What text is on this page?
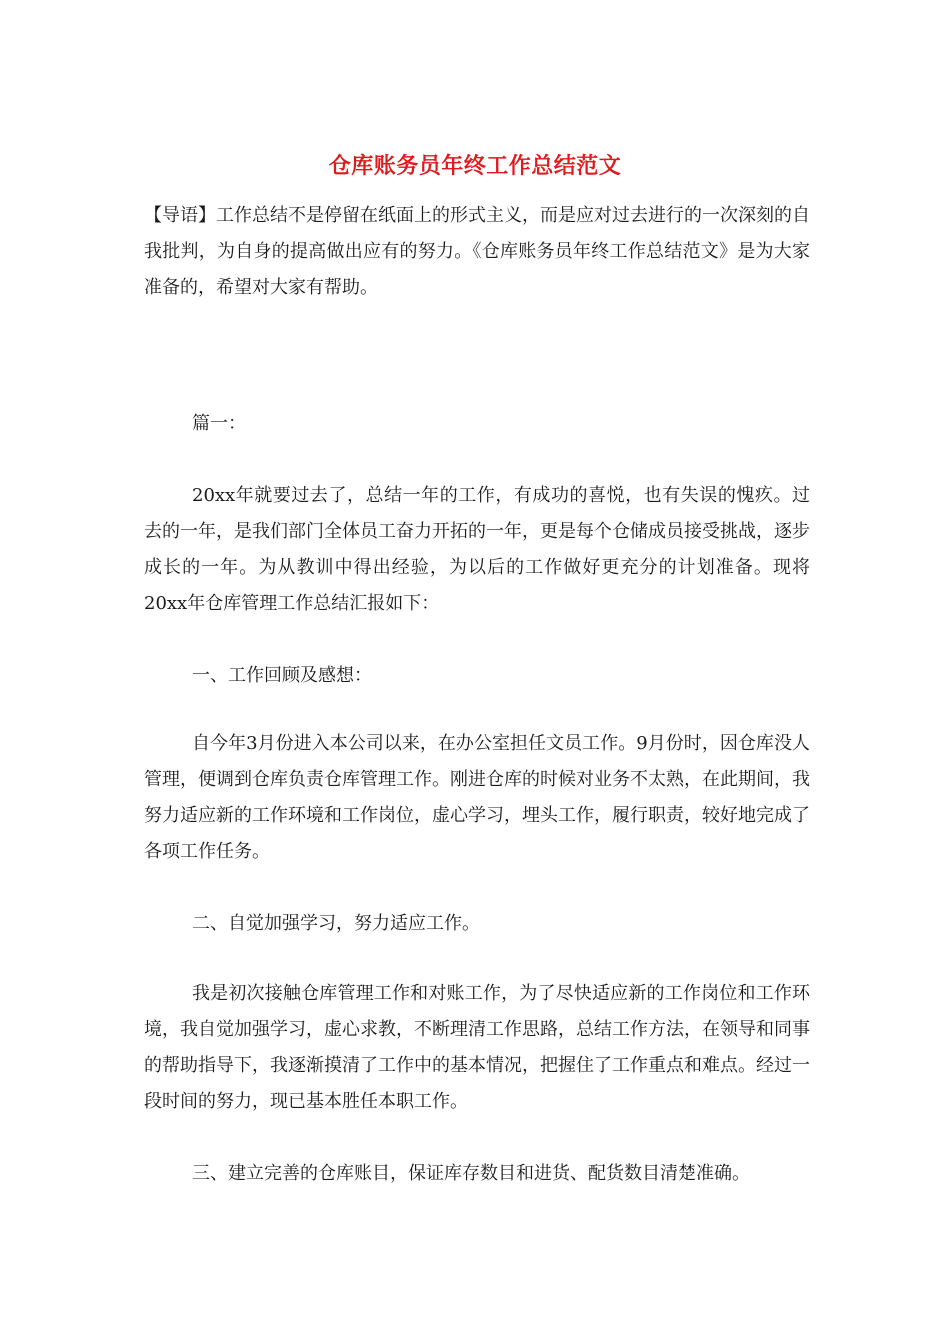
仓库账务员年终工作总结范文

【导语】工作总结不是停留在纸面上的形式主义，而是应对过去进行的一次深刻的自我批判，为自身的提高做出应有的努力。《仓库账务员年终工作总结范文》是为大家准备的，希望对大家有帮助。

篇一：

20xx年就要过去了，总结一年的工作，有成功的喜悦，也有失误的愧疚。过去的一年，是我们部门全体员工奋力开拓的一年，更是每个仓储成员接受挑战，逐步成长的一年。为从教训中得出经验，为以后的工作做好更充分的计划准备。现将20xx年仓库管理工作总结汇报如下：

一、工作回顾及感想：

自今年3月份进入本公司以来，在办公室担任文员工作。9月份时，因仓库没人管理，便调到仓库负责仓库管理工作。刚进仓库的时候对业务不太熟，在此期间，我努力适应新的工作环境和工作岗位，虚心学习，埋头工作，履行职责，较好地完成了各项工作任务。

二、自觉加强学习，努力适应工作。

我是初次接触仓库管理工作和对账工作，为了尽快适应新的工作岗位和工作环境，我自觉加强学习，虚心求教，不断理清工作思路，总结工作方法，在领导和同事的帮助指导下，我逐渐摸清了工作中的基本情况，把握住了工作重点和难点。经过一段时间的努力，现已基本胜任本职工作。

三、建立完善的仓库账目，保证库存数目和进货、配货数目清楚准确。
